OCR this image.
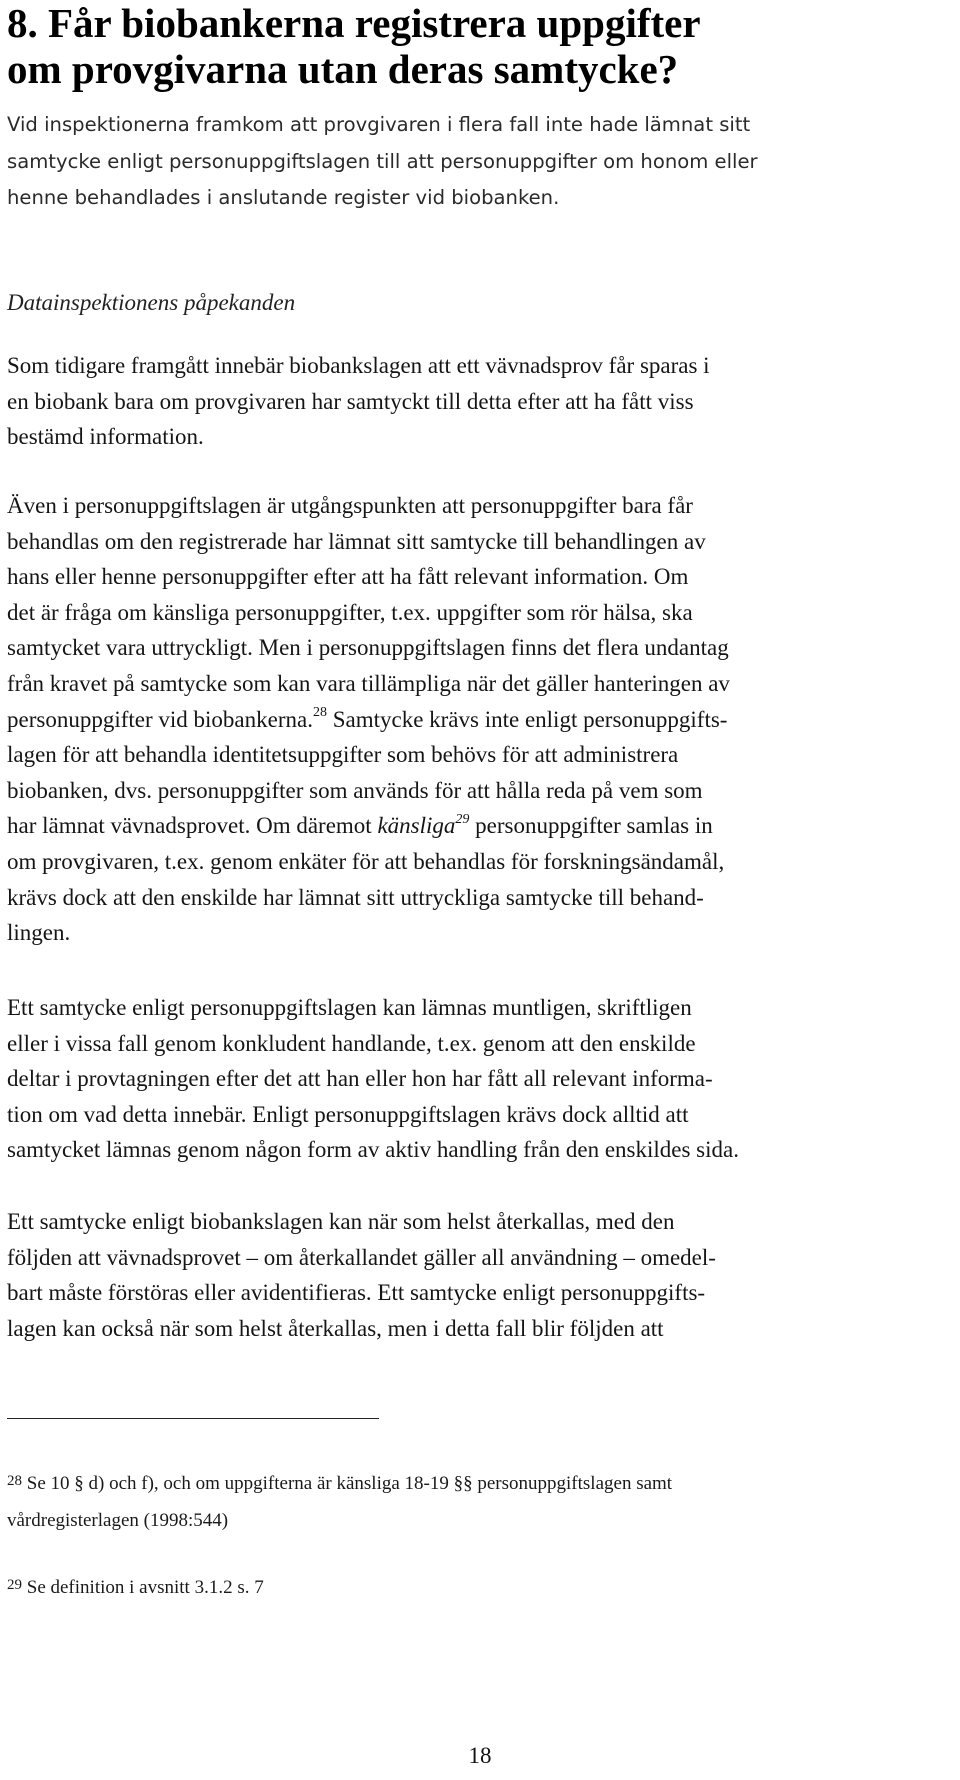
8. Får biobankerna registrera uppgifter
om provgivarna utan deras samtycke?

Vid inspektionerna framkom att provgivaren i flera fall inte hade lämnat sitt
samtycke enligt personuppgiftslagen till att personuppgifter om honom eller
henne behandlades i anslutande register vid biobanken.

Datainspektionens påpekanden

Som tidigare framgått innebär biobankslagen att ett vävnadsprov får sparas i
en biobank bara om provgivaren har samtyckt till detta efter att ha fått viss
bestämd information.

Även i personuppgiftslagen är utgångspunkten att personuppgifter bara får
behandlas om den registrerade har lämnat sitt samtycke till behandlingen av
hans eller henne personuppgifter efter att ha fått relevant information. Om
det är fråga om känsliga personuppgifter, t.ex. uppgifter som rör hälsa, ska
samtycket vara uttryckligt. Men i personuppgiftslagen finns det flera undantag
från kravet på samtycke som kan vara tillämpliga när det gäller hanteringen av
personuppgifter vid biobankerna.$^{28}$ Samtycke krävs inte enligt personuppgifts-
lagen för att behandla identitetsuppgifter som behövs för att administrera
biobanken, dvs. personuppgifter som används för att hålla reda på vem som
har lämnat vävnadsprovet. Om däremot känsliga$^{29}$ personuppgifter samlas in
om provgivaren, t.ex. genom enkäter för att behandlas för forskningsändamål,
krävs dock att den enskilde har lämnat sitt uttryckliga samtycke till behand-
lingen.

Ett samtycke enligt personuppgiftslagen kan lämnas muntligen, skriftligen
eller i vissa fall genom konkludent handlande, t.ex. genom att den enskilde
deltar i provtagningen efter det att han eller hon har fått all relevant informa-
tion om vad detta innebär. Enligt personuppgiftslagen krävs dock alltid att
samtycket lämnas genom någon form av aktiv handling från den enskildes sida.

Ett samtycke enligt biobankslagen kan när som helst återkallas, med den
följden att vävnadsprovet – om återkallandet gäller all användning – omedel-
bart måste förstöras eller avidentifieras. Ett samtycke enligt personuppgifts-
lagen kan också när som helst återkallas, men i detta fall blir följden att

$^{28}$ Se 10 § d) och f), och om uppgifterna är känsliga 18-19 §§ personuppgiftslagen samt
vårdregisterlagen (1998:544)

$^{29}$ Se definition i avsnitt 3.1.2 s. 7

18
